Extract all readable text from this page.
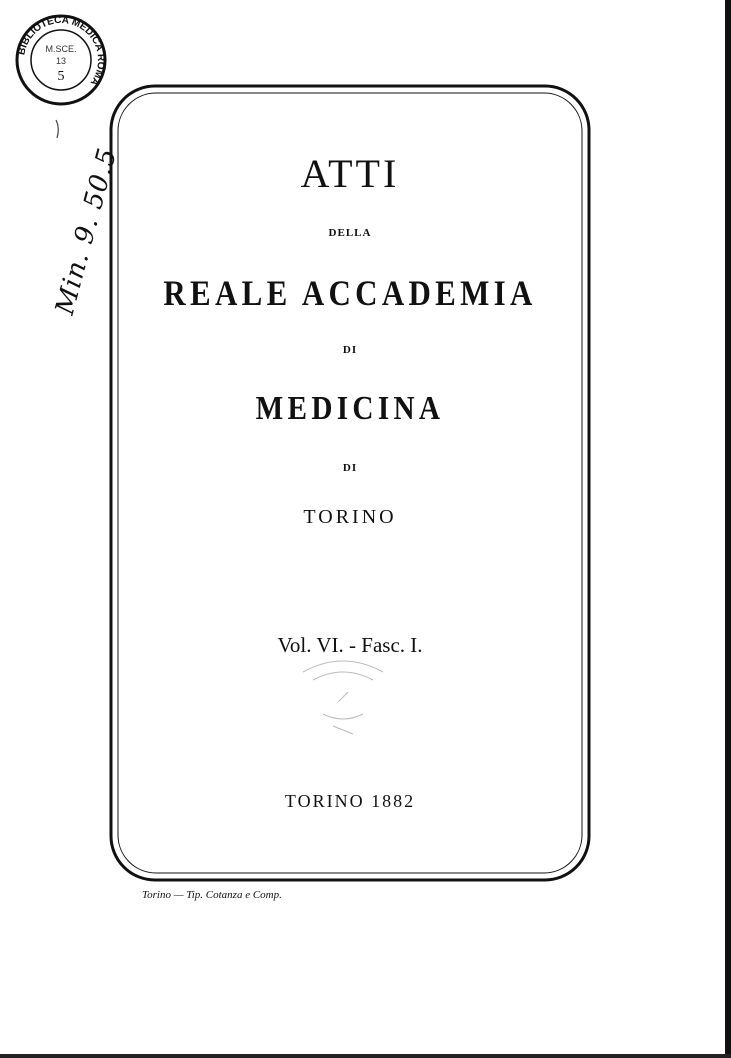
BIBLIOTECA MEDICA ROMA
M.SCE.
13
5
Min. 9. 50.5	ATTI
DELLA
REALE ACCADEMIA
DI
MEDICINA
DI
TORINO
Vol. VI. - Fasc. I.
TORINO 1882
Torino — Tip. Cotanza e Comp.
